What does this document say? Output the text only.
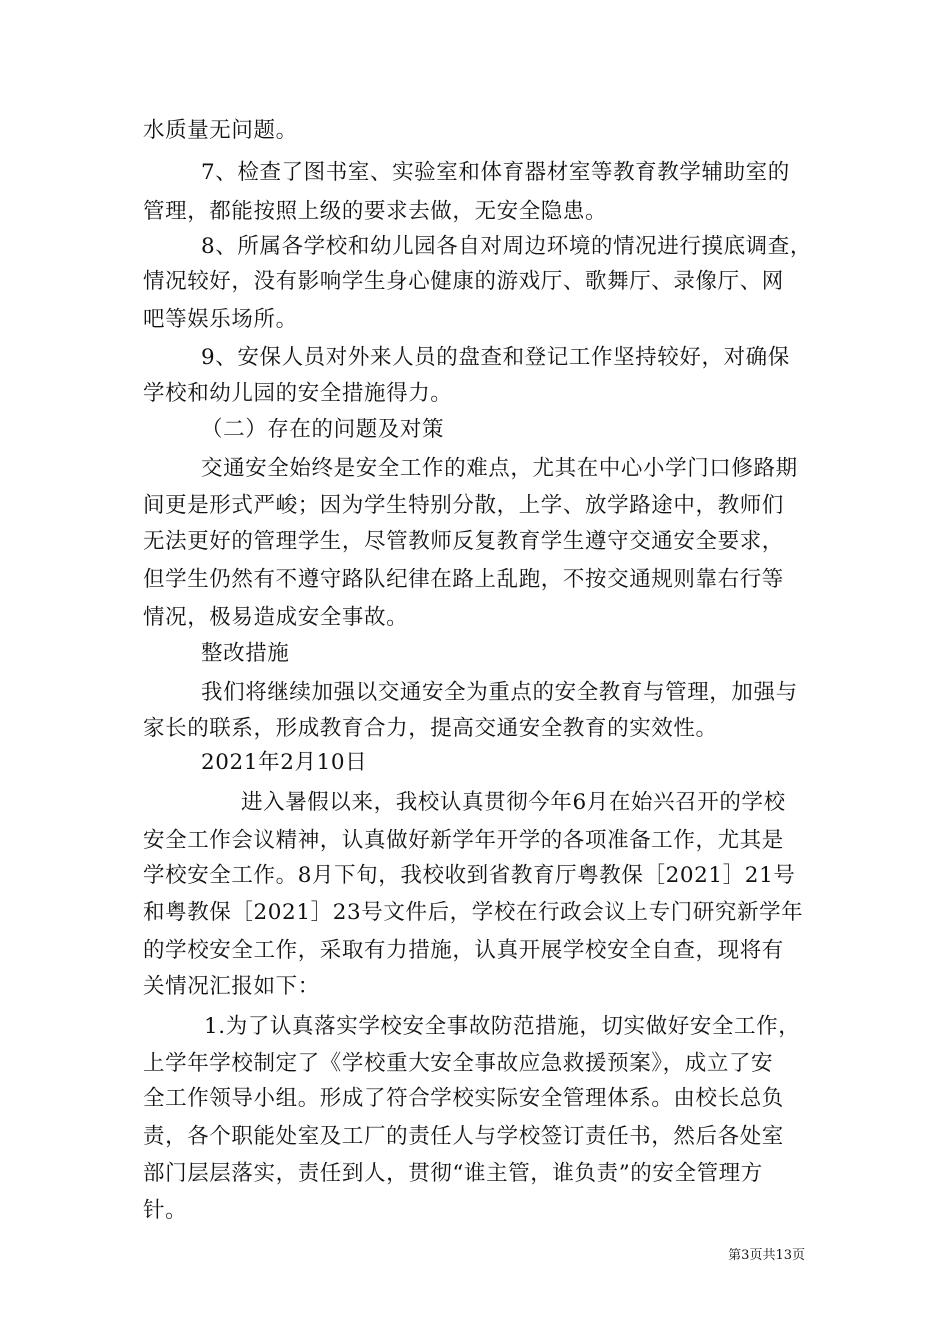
水质量无问题。
7、检查了图书室、实验室和体育器材室等教育教学辅助室的
管理，都能按照上级的要求去做，无安全隐患。
8、所属各学校和幼儿园各自对周边环境的情况进行摸底调查，
情况较好，没有影响学生身心健康的游戏厅、歌舞厅、录像厅、网
吧等娱乐场所。
9、安保人员对外来人员的盘查和登记工作坚持较好，对确保
学校和幼儿园的安全措施得力。
（二）存在的问题及对策
交通安全始终是安全工作的难点，尤其在中心小学门口修路期
间更是形式严峻；因为学生特别分散，上学、放学路途中，教师们
无法更好的管理学生，尽管教师反复教育学生遵守交通安全要求，
但学生仍然有不遵守路队纪律在路上乱跑，不按交通规则靠右行等
情况，极易造成安全事故。
整改措施
我们将继续加强以交通安全为重点的安全教育与管理，加强与
家长的联系，形成教育合力，提高交通安全教育的实效性。
2021年2月10日
进入暑假以来，我校认真贯彻今年6月在始兴召开的学校
安全工作会议精神，认真做好新学年开学的各项准备工作，尤其是
学校安全工作。8月下旬，我校收到省教育厅粤教保［2021］21号
和粤教保［2021］23号文件后，学校在行政会议上专门研究新学年
的学校安全工作，采取有力措施，认真开展学校安全自查，现将有
关情况汇报如下：
1.为了认真落实学校安全事故防范措施，切实做好安全工作，
上学年学校制定了《学校重大安全事故应急救援预案》，成立了安
全工作领导小组。形成了符合学校实际安全管理体系。由校长总负
责，各个职能处室及工厂的责任人与学校签订责任书，然后各处室
部门层层落实，责任到人，贯彻“谁主管，谁负责”的安全管理方
针。
第3页共13页
